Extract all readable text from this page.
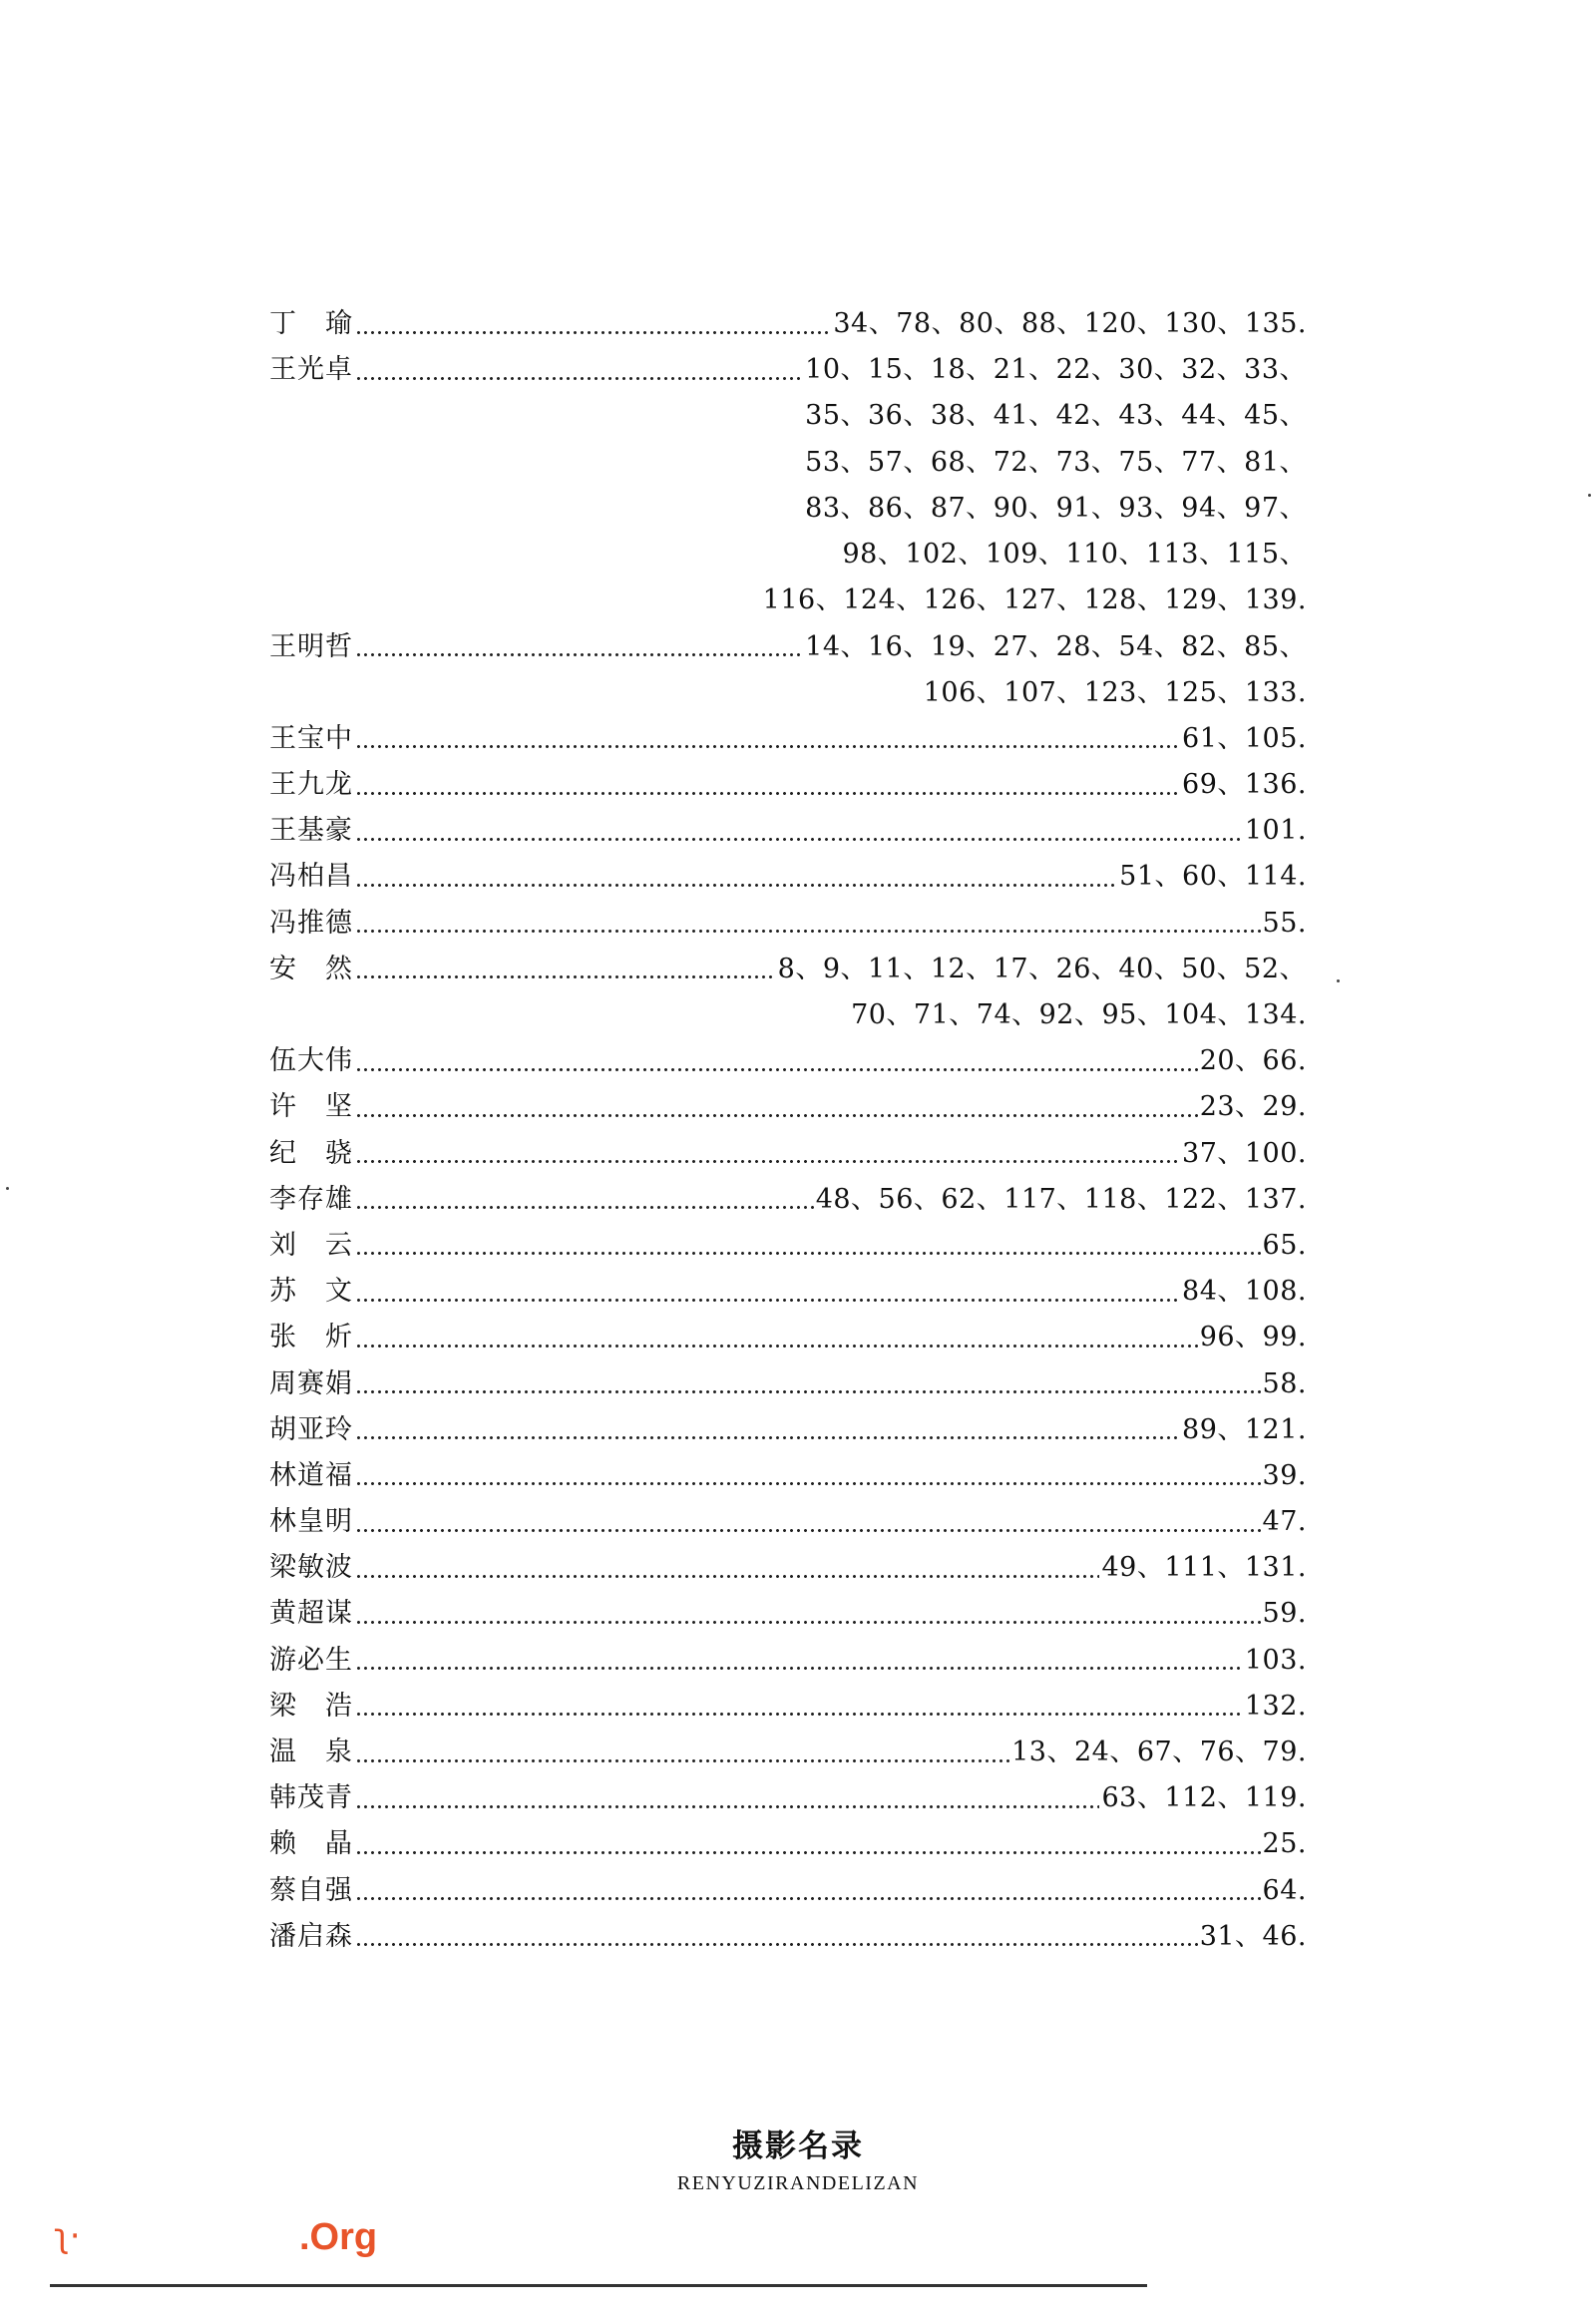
丁　瑜	34、78、80、88、120、130、135.
王光卓	10、15、18、21、22、30、32、33、
35、36、38、41、42、43、44、45、
53、57、68、72、73、75、77、81、
83、86、87、90、91、93、94、97、
98、102、109、110、113、115、
116、124、126、127、128、129、139.
王明哲	14、16、19、27、28、54、82、85、
106、107、123、125、133.
王宝中	61、105.
王九龙	69、136.
王基豪	101.
冯柏昌	51、60、114.
冯推德	55.
安　然	8、9、11、12、17、26、40、50、52、
70、71、74、92、95、104、134.
伍大伟	20、66.
许　坚	23、29.
纪　骁	37、100.
李存雄	48、56、62、117、118、122、137.
刘　云	65.
苏　文	84、108.
张　炘	96、99.
周赛娟	58.
胡亚玲	89、121.
林道福	39.
林皇明	47.
梁敏波	49、111、131.
黄超谋	59.
游必生	103.
梁　浩	132.
温　泉	13、24、67、76、79.
韩茂青	63、112、119.
赖　晶	25.
蔡自强	64.
潘启森	31、46.
摄影名录
RENYUZIRANDELIZAN
ʅ·	.Org
